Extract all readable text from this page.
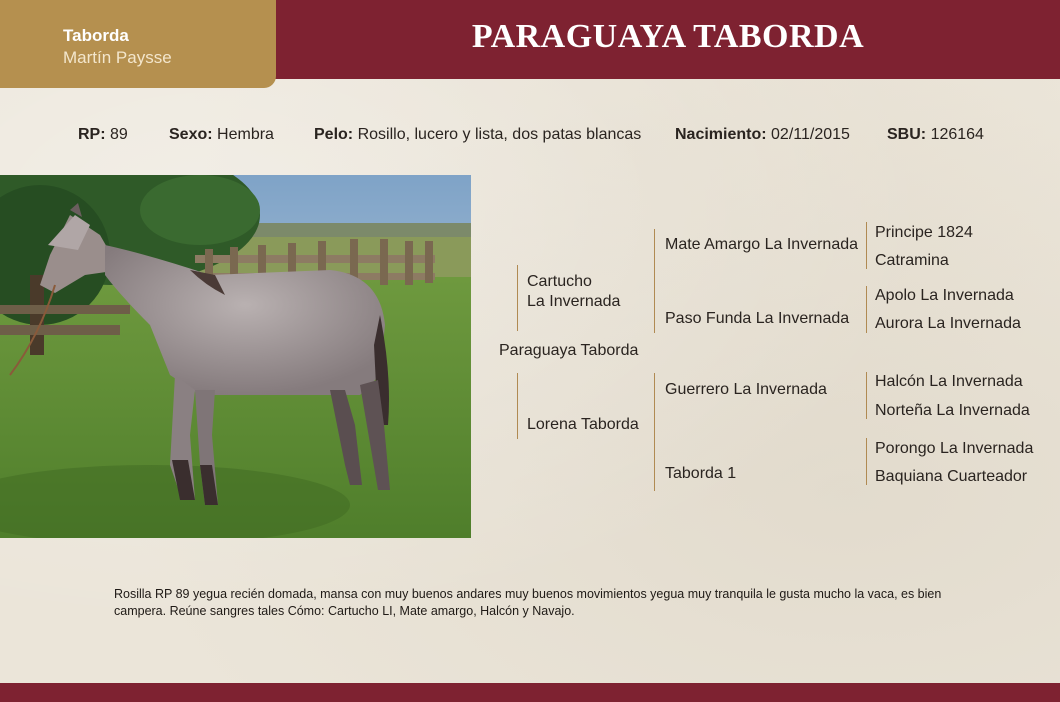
Taborda
Martín Paysse
PARAGUAYA TABORDA
RP: 89	Sexo: Hembra	Pelo: Rosillo, lucero y lista, dos patas blancas Nacimiento: 02/11/2015 SBU: 126164
Paraguaya Taborda
Cartucho
La Invernada
Lorena Taborda
Mate Amargo La Invernada
Paso Funda La Invernada
Guerrero La Invernada
Taborda 1
Principe 1824
Catramina
Apolo La Invernada
Aurora La Invernada
Halcón La Invernada
Norteña La Invernada
Porongo La Invernada
Baquiana Cuarteador
Rosilla RP 89 yegua recién domada, mansa con muy buenos andares muy buenos movimientos yegua muy tranquila le gusta mucho la vaca, es bien campera. Reúne sangres tales Cómo: Cartucho LI, Mate amargo, Halcón y Navajo.
